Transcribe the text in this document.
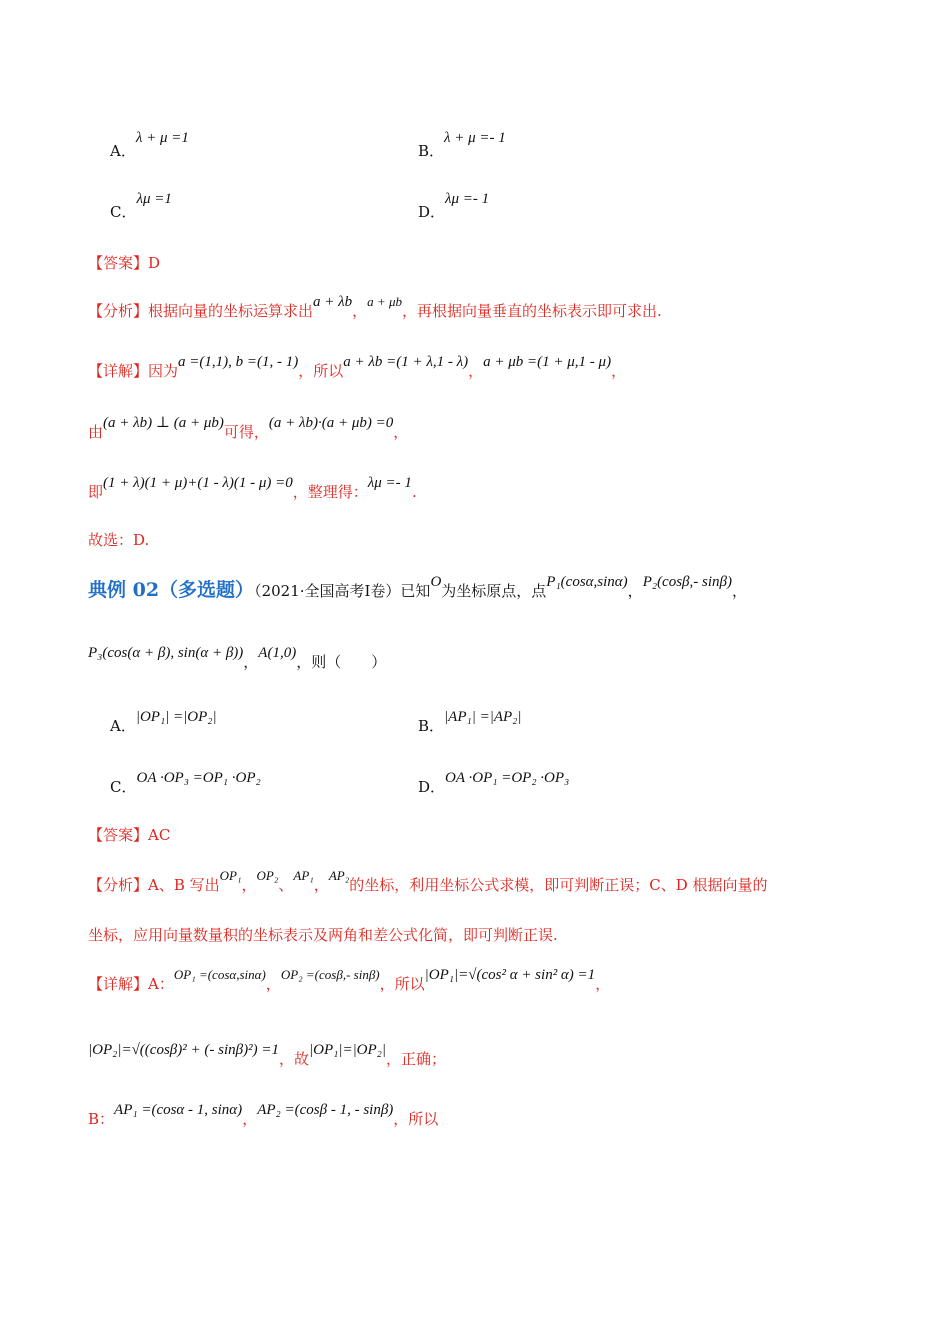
A．λ + μ =1
B．λ + μ =- 1
C．λμ =1
D．λμ =- 1
【答案】D
【分析】根据向量的坐标运算求出a + λb，a + μb，再根据向量垂直的坐标表示即可求出.
【详解】因为a =(1,1), b =(1, - 1)，所以a + λb =(1 + λ,1 - λ)，a + μb =(1 + μ,1 - μ)，
由(a + λb) ⊥ (a + μb)可得，(a + λb)·(a + μb) =0，
即(1 + λ)(1 + μ)+(1 - λ)(1 - μ) =0，整理得：λμ =- 1.
故选：D.
典例 02（多选题）（2021·全国高考Ⅰ卷）已知O为坐标原点，点P₁(cosα,sinα)，P₂(cosβ,- sinβ)，
P₃(cos(α + β), sin(α + β))，A(1,0)，则（　　）
A．|OP₁| =|OP₂|	B．|AP₁| =|AP₂|
C．OA ·OP₃ =OP₁ ·OP₂	D．OA ·OP₁ =OP₂ ·OP₃
【答案】AC
【分析】A、B 写出OP₁，OP₂、AP₁，AP₂的坐标，利用坐标公式求模，即可判断正误；C、D 根据向量的
坐标，应用向量数量积的坐标表示及两角和差公式化简，即可判断正误.
【详解】A：OP₁ =(cosα,sinα)，OP₂ =(cosβ,- sinβ)，所以|OP₁|=√(cos² α + sin² α) =1，
|OP₂|=√((cosβ)² + (- sinβ)²) =1，故|OP₁|=|OP₂|，正确；
B：AP₁ =(cosα - 1, sinα)，AP₂ =(cosβ - 1, - sinβ)，所以
